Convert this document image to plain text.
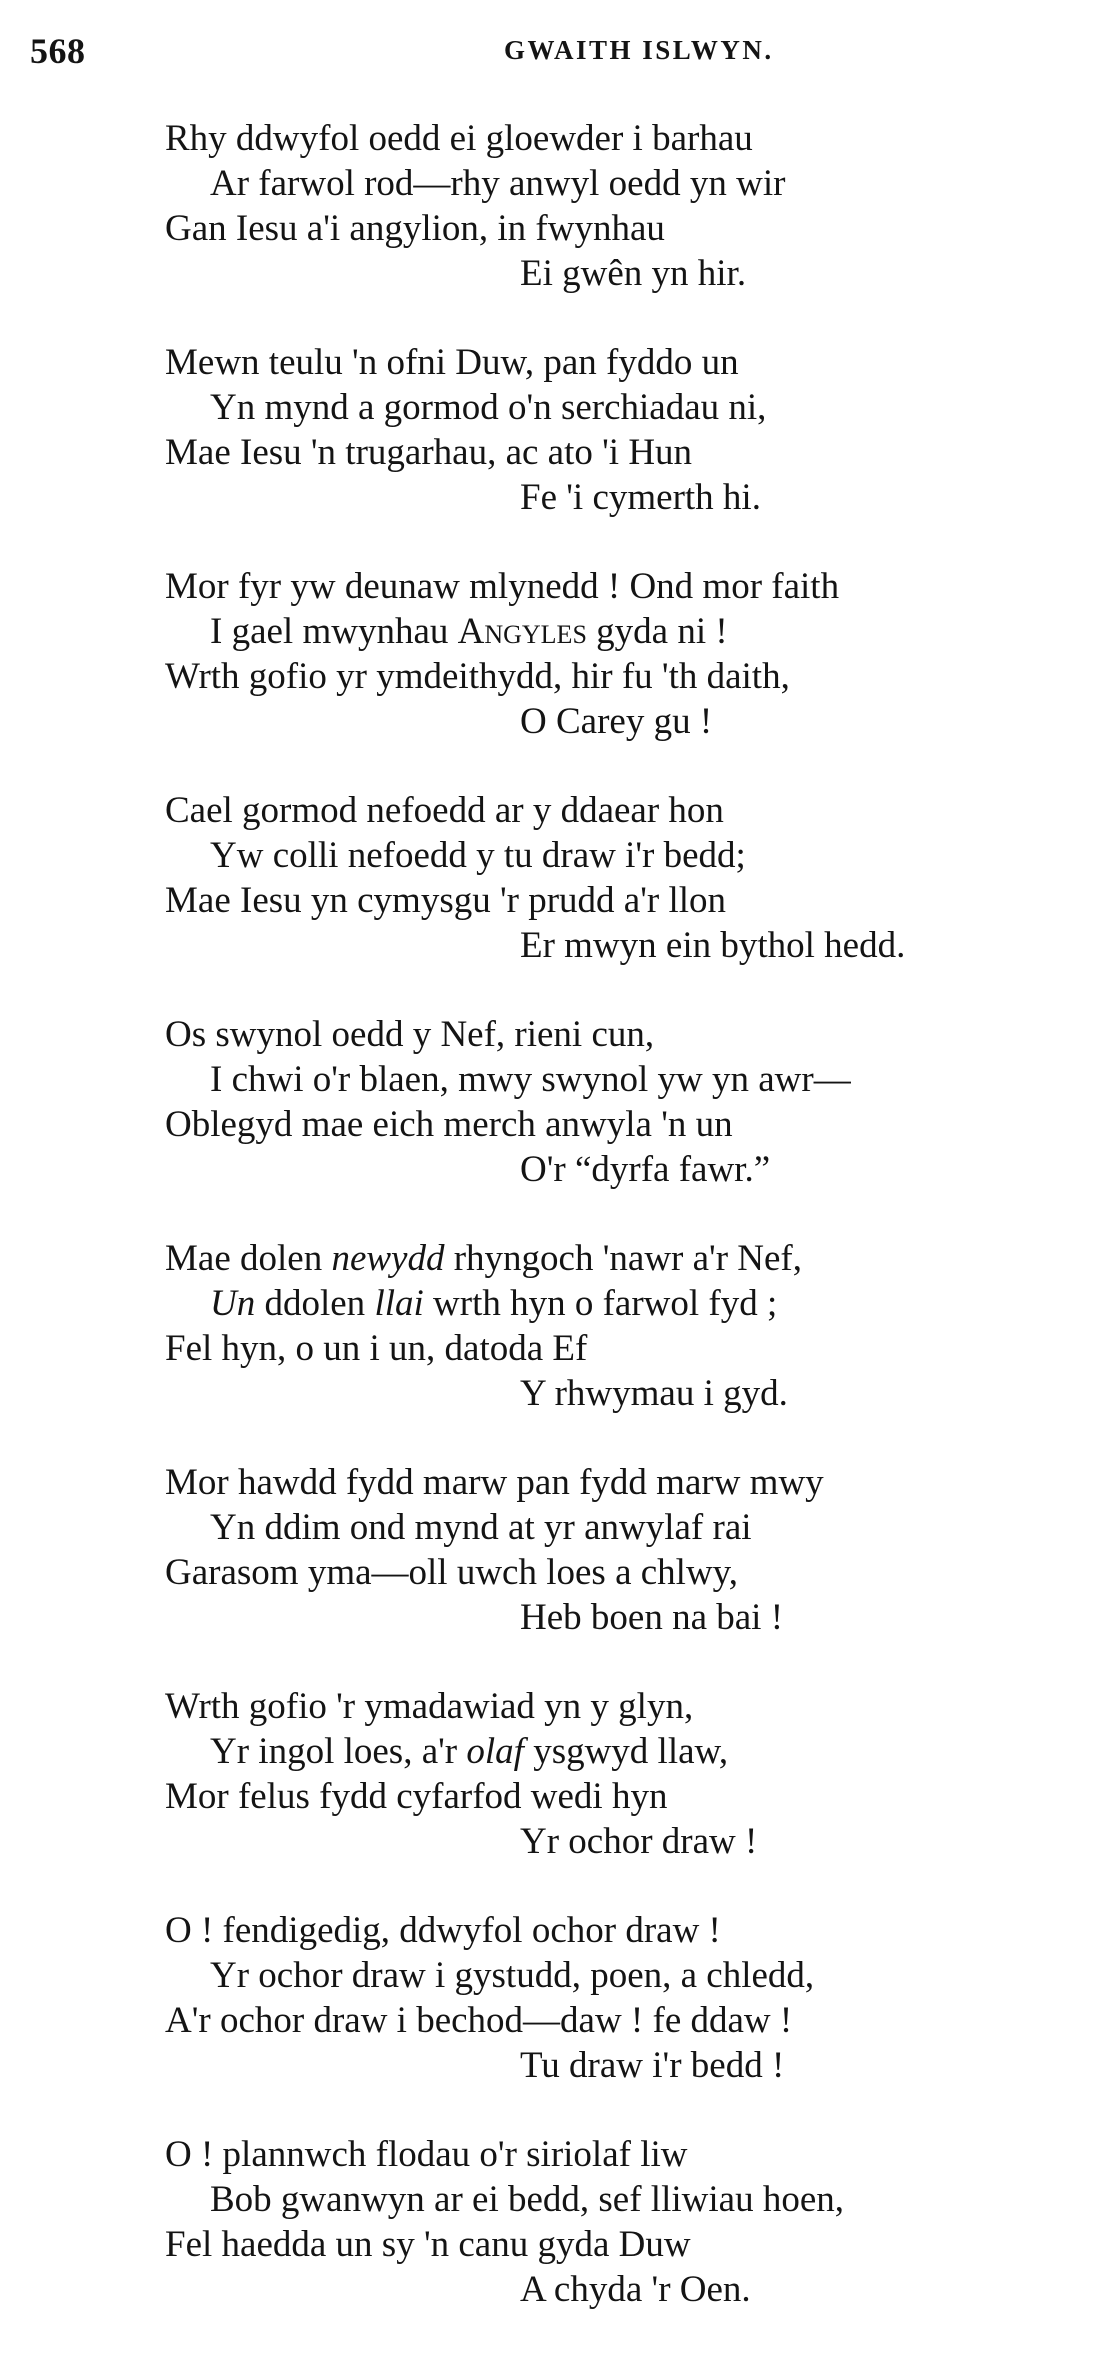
568	GWAITH ISLWYN.
Rhy ddwyfol oedd ei gloewder i barhau
Ar farwol rod—rhy anwyl oedd yn wir
Gan Iesu a'i angylion, in fwynhau
Ei gwên yn hir.
Mewn teulu 'n ofni Duw, pan fyddo un
Yn mynd a gormod o'n serchiadau ni,
Mae Iesu 'n trugarhau, ac ato 'i Hun
Fe 'i cymerth hi.
Mor fyr yw deunaw mlynedd ! Ond mor faith
I gael mwynhau Angyles gyda ni !
Wrth gofio yr ymdeithydd, hir fu 'th daith,
O Carey gu !
Cael gormod nefoedd ar y ddaear hon
Yw colli nefoedd y tu draw i'r bedd;
Mae Iesu yn cymysgu 'r prudd a'r llon
Er mwyn ein bythol hedd.
Os swynol oedd y Nef, rieni cun,
I chwi o'r blaen, mwy swynol yw yn awr—
Oblegyd mae eich merch anwyla 'n un
O'r “dyrfa fawr.”
Mae dolen newydd rhyngoch 'nawr a'r Nef,
Un ddolen llai wrth hyn o farwol fyd ;
Fel hyn, o un i un, datoda Ef
Y rhwymau i gyd.
Mor hawdd fydd marw pan fydd marw mwy
Yn ddim ond mynd at yr anwylaf rai
Garasom yma—oll uwch loes a chlwy,
Heb boen na bai !
Wrth gofio 'r ymadawiad yn y glyn,
Yr ingol loes, a'r olaf ysgwyd llaw,
Mor felus fydd cyfarfod wedi hyn
Yr ochor draw !
O ! fendigedig, ddwyfol ochor draw !
Yr ochor draw i gystudd, poen, a chledd,
A'r ochor draw i bechod—daw ! fe ddaw !
Tu draw i'r bedd !
O ! plannwch flodau o'r siriolaf liw
Bob gwanwyn ar ei bedd, sef lliwiau hoen,
Fel haedda un sy 'n canu gyda Duw
A chyda 'r Oen.
